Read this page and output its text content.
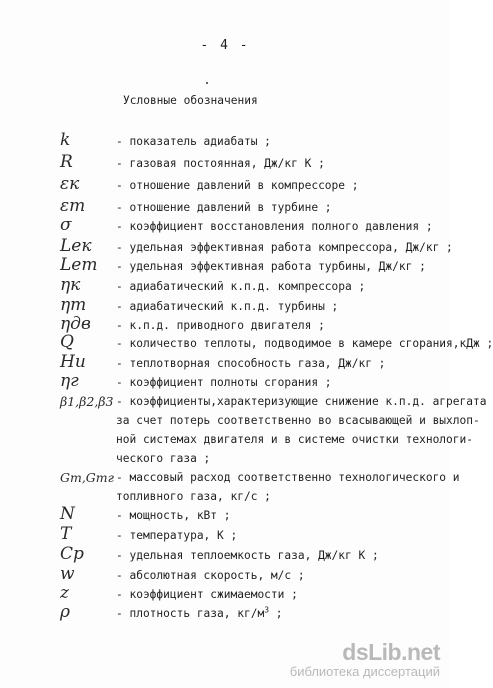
- 4 -
Условные обозначения
k	- показатель адиабаты ;
R	- газовая постоянная, Дж/кг К ;
εк	- отношение давлений в компрессоре ;
εт	- отношение давлений в турбине ;
σ	- коэффициент восстановления полного давления ;
Lек	- удельная эффективная работа компрессора, Дж/кг ;
Lет	- удельная эффективная работа турбины, Дж/кг ;
ηк	- адиабатический к.п.д. компрессора ;
ηт	- адиабатический к.п.д. турбины ;
ηдв	- к.п.д. приводного двигателя ;
Q	- количество теплоты, подводимое в камере сгорания,кДж ;
Hu	- теплотворная способность газа, Дж/кг ;
ηг	- коэффициент полноты сгорания ;
β1,β2,β3 - коэффициенты,характеризующие снижение к.п.д. агрегата
за счет потерь соответственно во всасывающей и выхлоп-
ной системах двигателя и в системе очистки технологи-
ческого газа ;
Gт,Gтг - массовый расход соответственно технологического и
топливного газа, кг/с ;
N	- мощность, кВт ;
T	- температура, К ;
Cp	- удельная теплоемкость газа, Дж/кг К ;
w	- абсолютная скорость, м/с ;
z	- коэффициент сжимаемости ;
ρ	- плотность газа, $кг/м^3$ ;
dsLib.net
библиотека диссертаций
